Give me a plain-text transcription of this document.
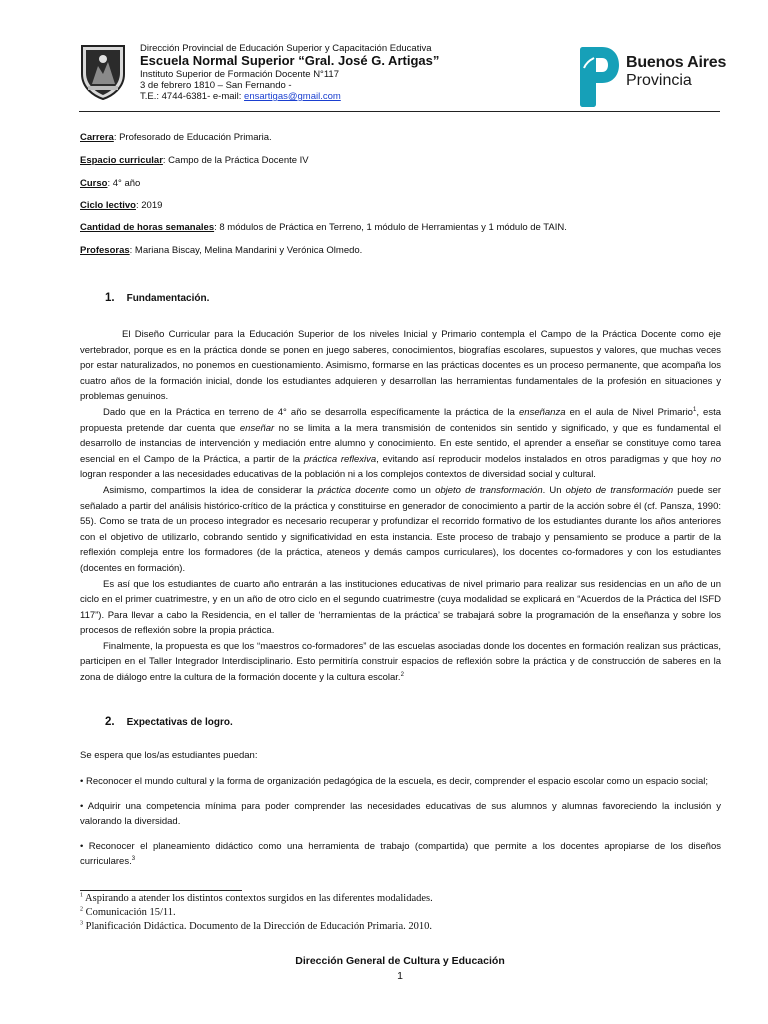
Dirección Provincial de Educación Superior y Capacitación Educativa
Escuela Normal Superior “Gral. José G. Artigas”
Instituto Superior de Formación Docente N°117
3 de febrero 1810 – San Fernando -
T.E.: 4744-6381- e-mail: ensartigas@gmail.com
Buenos Aires
Provincia
Carrera: Profesorado de Educación Primaria.
Espacio curricular: Campo de la Práctica Docente IV
Curso: 4° año
Ciclo lectivo: 2019
Cantidad de horas semanales: 8 módulos de Práctica en Terreno, 1 módulo de Herramientas y 1 módulo de TAIN.
Profesoras: Mariana Biscay, Melina Mandarini y Verónica Olmedo.
1. Fundamentación.

El Diseño Curricular para la Educación Superior de los niveles Inicial y Primario contempla el Campo de la Práctica Docente como eje vertebrador, porque es en la práctica donde se ponen en juego saberes, conocimientos, biografías escolares, supuestos y valores, que muchas veces por estar naturalizados, no ponemos en cuestionamiento. Asimismo, formarse en las prácticas docentes es un proceso permanente, que acompaña los cuatro años de la formación inicial, donde los estudiantes adquieren y desarrollan las herramientas fundamentales de la profesión en situaciones y problemas genuinos.

Dado que en la Práctica en terreno de 4° año se desarrolla específicamente la práctica de la enseñanza en el aula de Nivel Primario$^1$, esta propuesta pretende dar cuenta que enseñar no se limita a la mera transmisión de contenidos sin sentido y significado, y que es fundamental el desarrollo de instancias de intervención y mediación entre alumno y conocimiento. En este sentido, el aprender a enseñar se constituye como tarea esencial en el Campo de la Práctica, a partir de la práctica reflexiva, evitando así reproducir modelos instalados en otros paradigmas y que hoy no logran responder a las necesidades educativas de la población ni a los complejos contextos de diversidad social y cultural.

Asimismo, compartimos la idea de considerar la práctica docente como un objeto de transformación. Un objeto de transformación puede ser señalado a partir del análisis histórico-crítico de la práctica y constituirse en generador de conocimiento a partir de la acción sobre él (cf. Pansza, 1990: 55). Como se trata de un proceso integrador es necesario recuperar y profundizar el recorrido formativo de los estudiantes durante los años anteriores con el objetivo de utilizarlo, cobrando sentido y significatividad en esta instancia. Este proceso de trabajo y pensamiento se produce a partir de la reflexión compleja entre los formadores (de la práctica, ateneos y demás campos curriculares), los docentes co-formadores y con los estudiantes (docentes en formación).

Es así que los estudiantes de cuarto año entrarán a las instituciones educativas de nivel primario para realizar sus residencias en un año de un ciclo en el primer cuatrimestre, y en un año de otro ciclo en el segundo cuatrimestre (cuya modalidad se explicará en “Acuerdos de la Práctica del ISFD 117”). Para llevar a cabo la Residencia, en el taller de ‘herramientas de la práctica’ se trabajará sobre la programación de la enseñanza y sobre los procesos de reflexión sobre la propia práctica.

Finalmente, la propuesta es que los “maestros co-formadores” de las escuelas asociadas donde los docentes en formación realizan sus prácticas, participen en el Taller Integrador Interdisciplinario. Esto permitiría construir espacios de reflexión sobre la práctica y de construcción de saberes en la zona de diálogo entre la cultura de la formación docente y la cultura escolar.$^2$

2. Expectativas de logro.

Se espera que los/as estudiantes puedan:

• Reconocer el mundo cultural y la forma de organización pedagógica de la escuela, es decir, comprender el espacio escolar como un espacio social;

• Adquirir una competencia mínima para poder comprender las necesidades educativas de sus alumnos y alumnas favoreciendo la inclusión y valorando la diversidad.

• Reconocer el planeamiento didáctico como una herramienta de trabajo (compartida) que permite a los docentes apropiarse de los diseños curriculares.$^3$

$^1$ Aspirando a atender los distintos contextos surgidos en las diferentes modalidades.
$^2$ Comunicación 15/11.
$^3$ Planificación Didáctica. Documento de la Dirección de Educación Primaria. 2010.
Dirección General de Cultura y Educación
1
